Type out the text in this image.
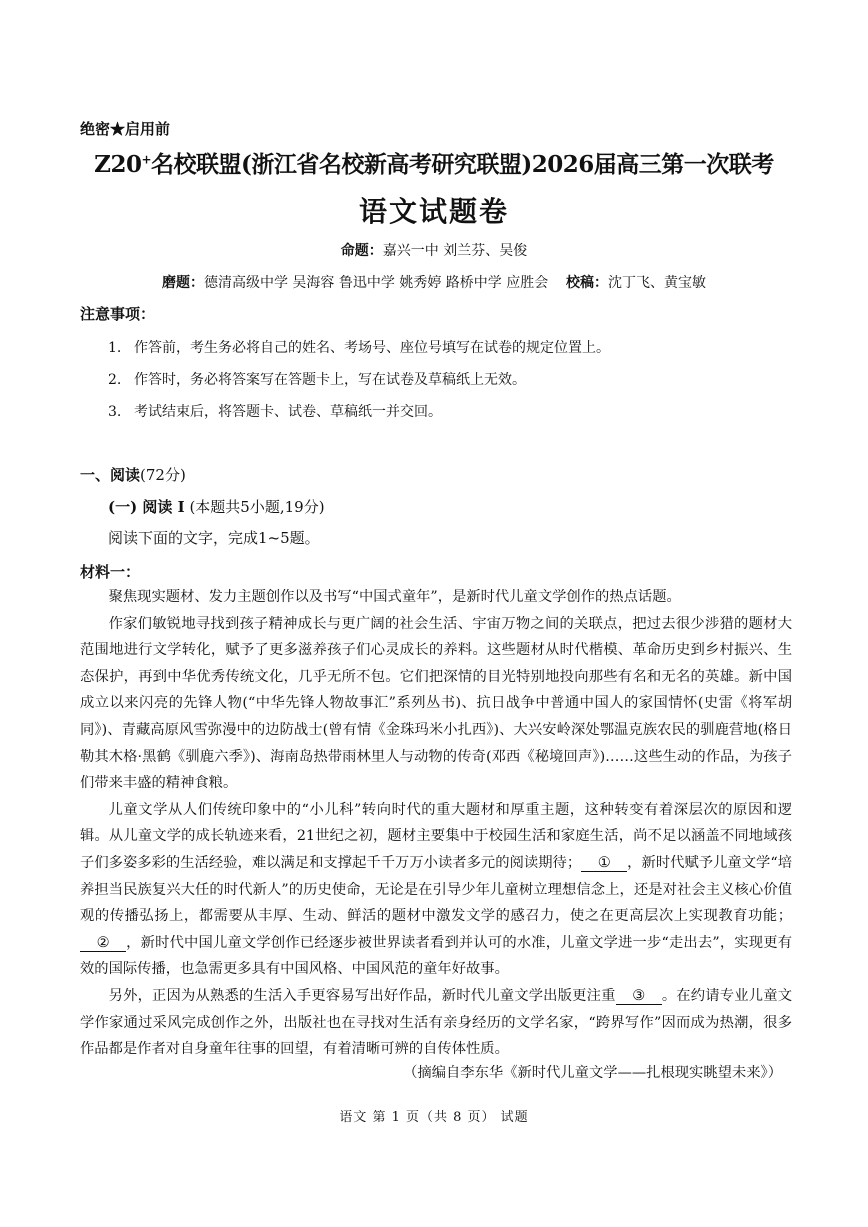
绝密★启用前
Z20+名校联盟(浙江省名校新高考研究联盟)2026届高三第一次联考
语文试题卷
命题：嘉兴一中 刘兰芬、吴俊
磨题：德清高级中学 吴海容 鲁迅中学 姚秀婷 路桥中学 应胜会 校稿：沈丁飞、黄宝敏
注意事项：
1. 作答前，考生务必将自己的姓名、考场号、座位号填写在试卷的规定位置上。
2. 作答时，务必将答案写在答题卡上，写在试卷及草稿纸上无效。
3. 考试结束后，将答题卡、试卷、草稿纸一并交回。
一、阅读(72分)
(一) 阅读 I (本题共5小题,19分)
阅读下面的文字，完成1~5题。
材料一：

聚焦现实题材、发力主题创作以及书写“中国式童年”，是新时代儿童文学创作的热点话题。

作家们敏锐地寻找到孩子精神成长与更广阔的社会生活、宇宙万物之间的关联点，把过去很少涉猎的题材大范围地进行文学转化，赋予了更多滋养孩子们心灵成长的养料。这些题材从时代楷模、革命历史到乡村振兴、生态保护，再到中华优秀传统文化，几乎无所不包。它们把深情的目光特别地投向那些有名和无名的英雄。新中国成立以来闪亮的先锋人物(“中华先锋人物故事汇”系列丛书)、抗日战争中普通中国人的家国情怀(史雷《将军胡同》)、青藏高原风雪弥漫中的边防战士(曾有情《金珠玛米小扎西》)、大兴安岭深处鄂温克族农民的驯鹿营地(格日勒其木格·黑鹤《驯鹿六季》)、海南岛热带雨林里人与动物的传奇(邓西《秘境回声》)……这些生动的作品，为孩子们带来丰盛的精神食粮。

儿童文学从人们传统印象中的“小儿科”转向时代的重大题材和厚重主题，这种转变有着深层次的原因和逻辑。从儿童文学的成长轨迹来看，21世纪之初，题材主要集中于校园生活和家庭生活，尚不足以涵盖不同地域孩子们多姿多彩的生活经验，难以满足和支撑起千千万万小读者多元的阅读期待； ① ，新时代赋予儿童文学“培养担当民族复兴大任的时代新人”的历史使命，无论是在引导少年儿童树立理想信念上，还是对社会主义核心价值观的传播弘扬上，都需要从丰厚、生动、鲜活的题材中激发文学的感召力，使之在更高层次上实现教育功能；② ，新时代中国儿童文学创作已经逐步被世界读者看到并认可的水准，儿童文学进一步“走出去”，实现更有效的国际传播，也急需更多具有中国风格、中国风范的童年好故事。

另外，正因为从熟悉的生活入手更容易写出好作品，新时代儿童文学出版更注重 ③ 。在约请专业儿童文学作家通过采风完成创作之外，出版社也在寻找对生活有亲身经历的文学名家，“跨界写作”因而成为热潮，很多作品都是作者对自身童年往事的回望，有着清晰可辨的自传体性质。

（摘编自李东华《新时代儿童文学——扎根现实眺望未来》）
语文 第 1 页（共 8 页） 试题
